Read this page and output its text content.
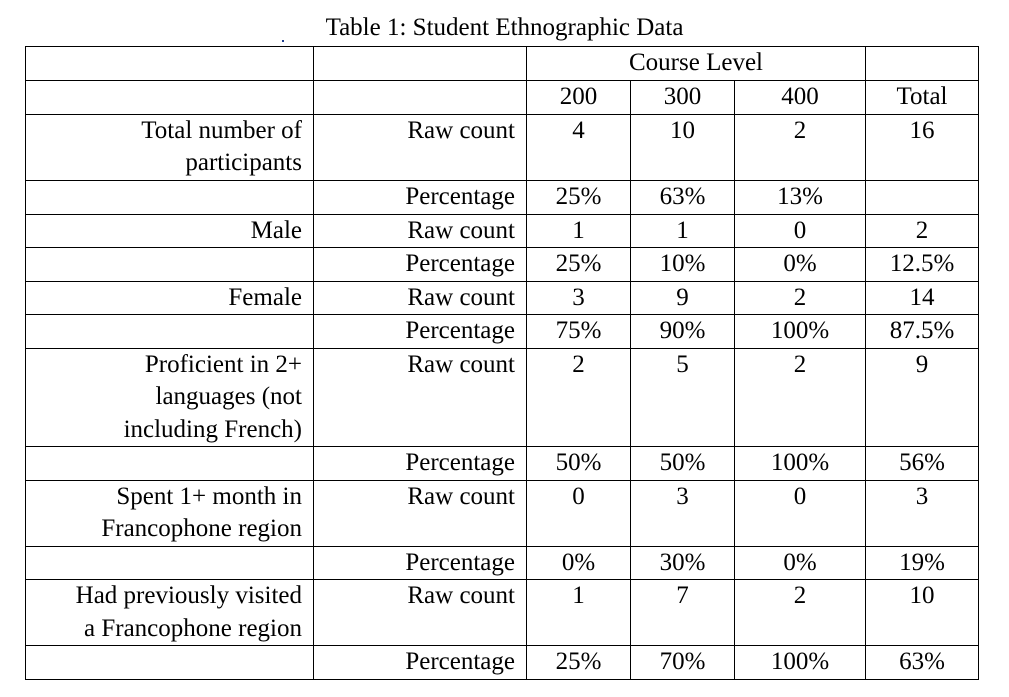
Table 1: Student Ethnographic Data
		Course Level			
		200	300	400	Total

Total number of
participants	Raw count	4	10	2	16
	Percentage	25%	63%	13%	

Male	Raw count	1	1	0	2
	Percentage	25%	10%	0%	12.5%

Female	Raw count	3	9	2	14
	Percentage	75%	90%	100%	87.5%

Proficient in 2+
languages (not
including French)	Raw count	2	5	2	9
	Percentage	50%	50%	100%	56%

Spent 1+ month in
Francophone region	Raw count	0	3	0	3
	Percentage	0%	30%	0%	19%

Had previously visited
a Francophone region	Raw count	1	7	2	10
	Percentage	25%	70%	100%	63%
